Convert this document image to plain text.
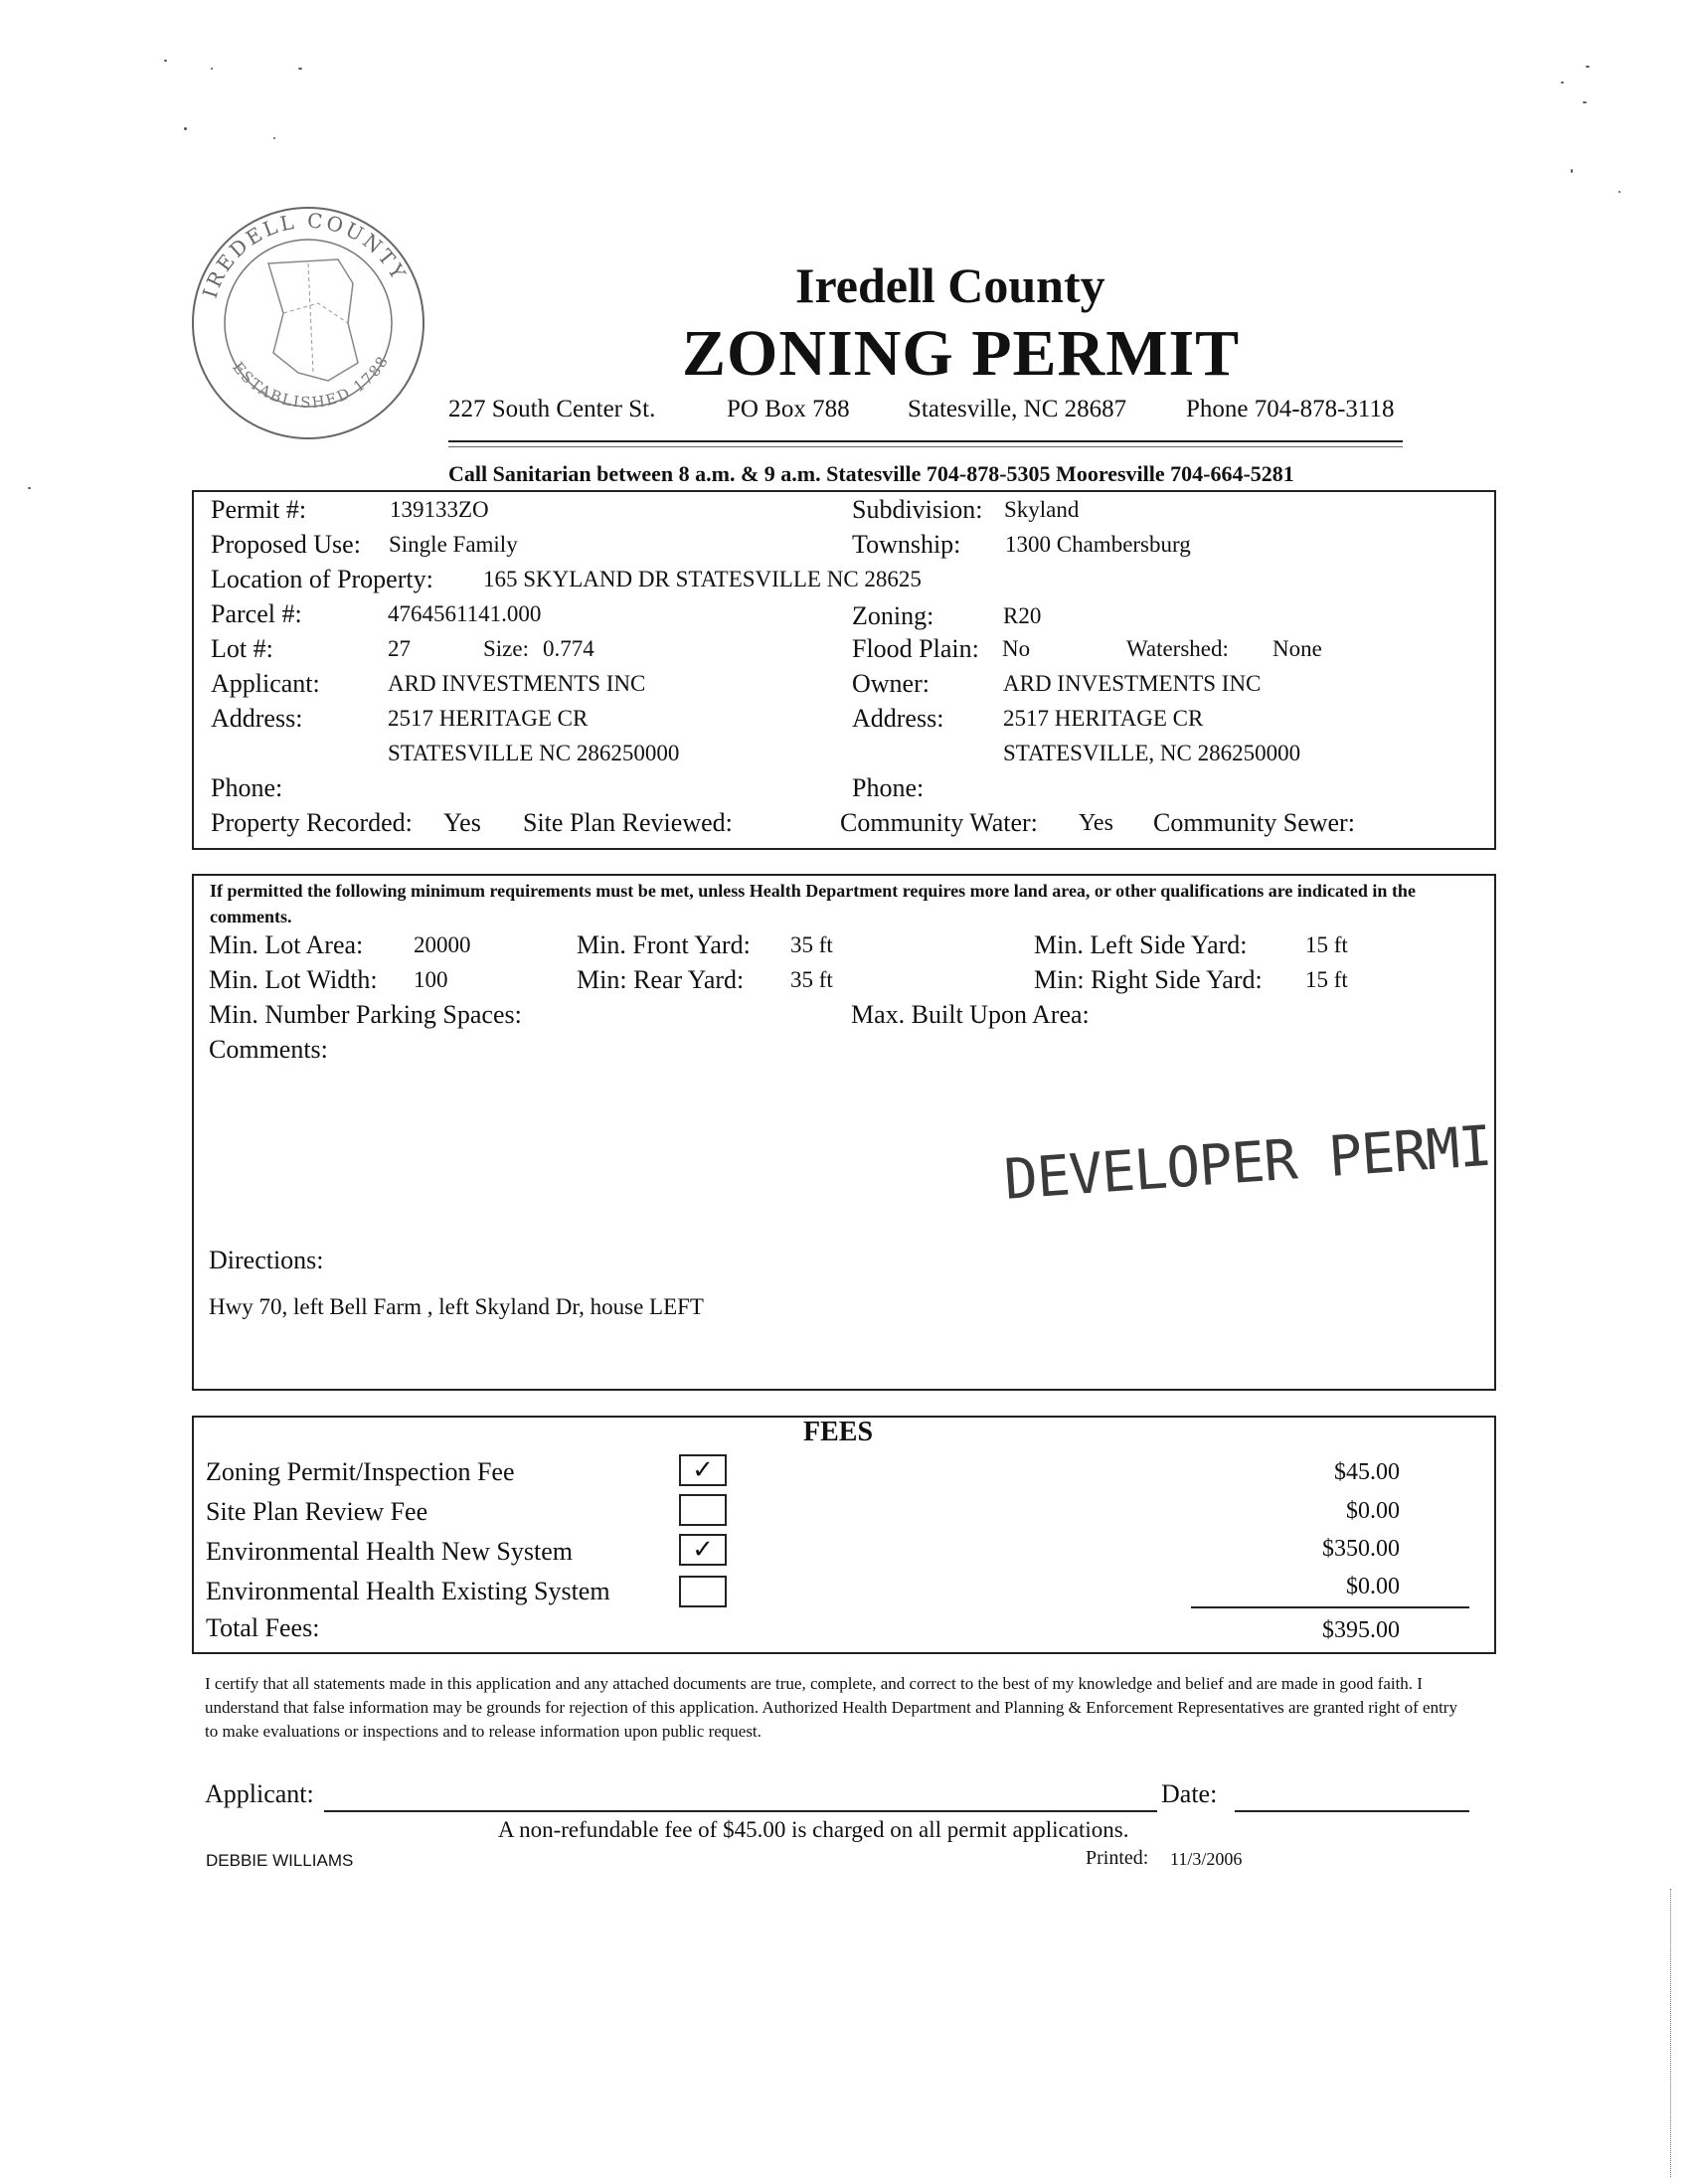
IREDELL COUNTY
ESTABLISHED 1788
Iredell County
ZONING PERMIT
227 South Center St.	PO Box 788 Statesville, NC 28687 Phone 704-878-3118
Call Sanitarian between 8 a.m. & 9 a.m. Statesville 704-878-5305 Mooresville 704-664-5281
Permit #:	139133ZO	Subdivision: Skyland
Proposed Use: Single Family	Township: 1300 Chambersburg
Location of Property: 165 SKYLAND DR STATESVILLE NC 28625
Parcel #:	4764561141.000	Zoning:	R20
Lot #:	27	Size: 0.774	Flood Plain: No	Watershed: None
Applicant:	ARD INVESTMENTS INC	Owner:	ARD INVESTMENTS INC
Address:	2517 HERITAGE CR	Address:	2517 HERITAGE CR
STATESVILLE NC 286250000	STATESVILLE, NC 286250000
Phone:	Phone:
Property Recorded: Yes Site Plan Reviewed:	Community Water: Yes Community Sewer:
If permitted the following minimum requirements must be met, unless Health Department requires more land area, or other qualifications are indicated in the comments.
Min. Lot Area: 20000	Min. Front Yard: 35 ft	Min. Left Side Yard:	15 ft
Min. Lot Width: 100	Min: Rear Yard: 35 ft	Min: Right Side Yard: 15 ft
Min. Number Parking Spaces:	Max. Built Upon Area:
Comments:
DEVELOPER PERMI
Directions:
Hwy 70, left Bell Farm , left Skyland Dr, house LEFT
FEES
Zoning Permit/Inspection Fee	✓	$45.00
Site Plan Review Fee	$0.00
Environmental Health New System	✓	$350.00
Environmental Health Existing System	$0.00
Total Fees:	$395.00
I certify that all statements made in this application and any attached documents are true, complete, and correct to the best of my knowledge and belief and are made in good faith. I understand that false information may be grounds for rejection of this application. Authorized Health Department and Planning & Enforcement Representatives are granted right of entry to make evaluations or inspections and to release information upon public request.
Applicant:	Date:
A non-refundable fee of $45.00 is charged on all permit applications.
DEBBIE WILLIAMS	Printed: 11/3/2006
